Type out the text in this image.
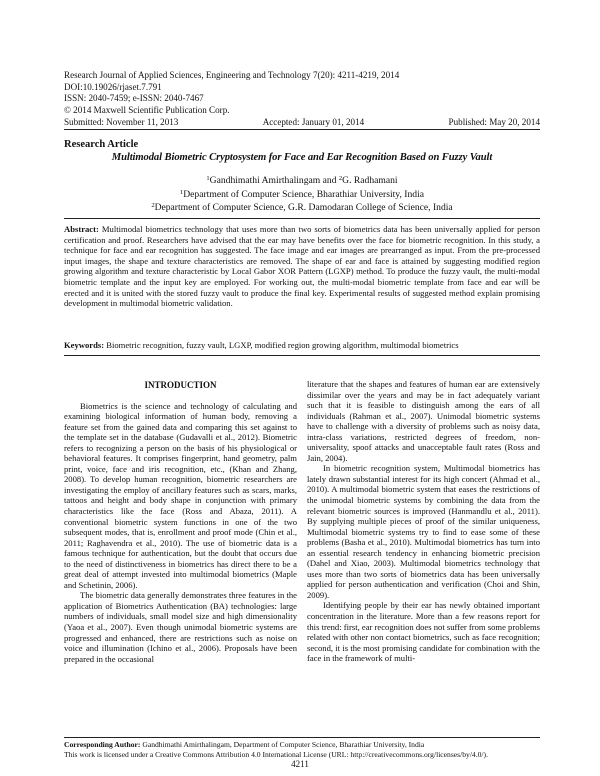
Research Journal of Applied Sciences, Engineering and Technology 7(20): 4211-4219, 2014
DOI:10.19026/rjaset.7.791
ISSN: 2040-7459; e-ISSN: 2040-7467
© 2014 Maxwell Scientific Publication Corp.
Submitted: November 11, 2013	Accepted: January 01, 2014	Published: May 20, 2014
Research Article
Multimodal Biometric Cryptosystem for Face and Ear Recognition Based on Fuzzy Vault
$^1$Gandhimathi Amirthalingam and $^2$G. Radhamani
$^1$Department of Computer Science, Bharathiar University, India
$^2$Department of Computer Science, G.R. Damodaran College of Science, India
Abstract: Multimodal biometrics technology that uses more than two sorts of biometrics data has been universally applied for person certification and proof. Researchers have advised that the ear may have benefits over the face for biometric recognition. In this study, a technique for face and ear recognition has suggested. The face image and ear images are prearranged as input. From the pre-processed input images, the shape and texture characteristics are removed. The shape of ear and face is attained by suggesting modified region growing algorithm and texture characteristic by Local Gabor XOR Pattern (LGXP) method. To produce the fuzzy vault, the multi-modal biometric template and the input key are employed. For working out, the multi-modal biometric template from face and ear will be erected and it is united with the stored fuzzy vault to produce the final key. Experimental results of suggested method explain promising development in multimodal biometric validation.
Keywords: Biometric recognition, fuzzy vault, LGXP, modified region growing algorithm, multimodal biometrics
INTRODUCTION

Biometrics is the science and technology of calculating and examining biological information of human body, removing a feature set from the gained data and comparing this set against to the template set in the database (Gudavalli et al., 2012). Biometric refers to recognizing a person on the basis of his physiological or behavioral features. It comprises fingerprint, hand geometry, palm print, voice, face and iris recognition, etc., (Khan and Zhang, 2008). To develop human recognition, biometric researchers are investigating the employ of ancillary features such as scars, marks, tattoos and height and body shape in conjunction with primary characteristics like the face (Ross and Abaza, 2011). A conventional biometric system functions in one of the two subsequent modes, that is, enrollment and proof mode (Chin et al., 2011; Raghavendra et al., 2010). The use of biometric data is a famous technique for authentication, but the doubt that occurs due to the need of distinctiveness in biometrics has direct there to be a great deal of attempt invested into multimodal biometrics (Maple and Schetinin, 2006).

The biometric data generally demonstrates three features in the application of Biometrics Authentication (BA) technologies: large numbers of individuals, small model size and high dimensionality (Yaoa et al., 2007). Even though unimodal biometric systems are progressed and enhanced, there are restrictions such as noise on voice and illumination (Ichino et al., 2006). Proposals have been prepared in the occasional

literature that the shapes and features of human ear are extensively dissimilar over the years and may be in fact adequately variant such that it is feasible to distinguish among the ears of all individuals (Rahman et al., 2007). Unimodal biometric systems have to challenge with a diversity of problems such as noisy data, intra-class variations, restricted degrees of freedom, non-universality, spoof attacks and unacceptable fault rates (Ross and Jain, 2004).

In biometric recognition system, Multimodal biometrics has lately drawn substantial interest for its high concert (Ahmad et al., 2010). A multimodal biometric system that eases the restrictions of the unimodal biometric systems by combining the data from the relevant biometric sources is improved (Hanmandlu et al., 2011). By supplying multiple pieces of proof of the similar uniqueness, Multimodal biometric systems try to find to ease some of these problems (Basha et al., 2010). Multimodal biometrics has turn into an essential research tendency in enhancing biometric precision (Dahel and Xiao, 2003). Multimodal biometrics technology that uses more than two sorts of biometrics data has been universally applied for person authentication and verification (Choi and Shin, 2009).

Identifying people by their ear has newly obtained important concentration in the literature. More than a few reasons report for this trend: first, ear recognition does not suffer from some problems related with other non contact biometrics, such as face recognition; second, it is the most promising candidate for combination with the face in the framework of multi-

Corresponding Author: Gandhimathi Amirthalingam, Department of Computer Science, Bharathiar University, India
This work is licensed under a Creative Commons Attribution 4.0 International License (URL: http://creativecommons.org/licenses/by/4.0/).
4211
